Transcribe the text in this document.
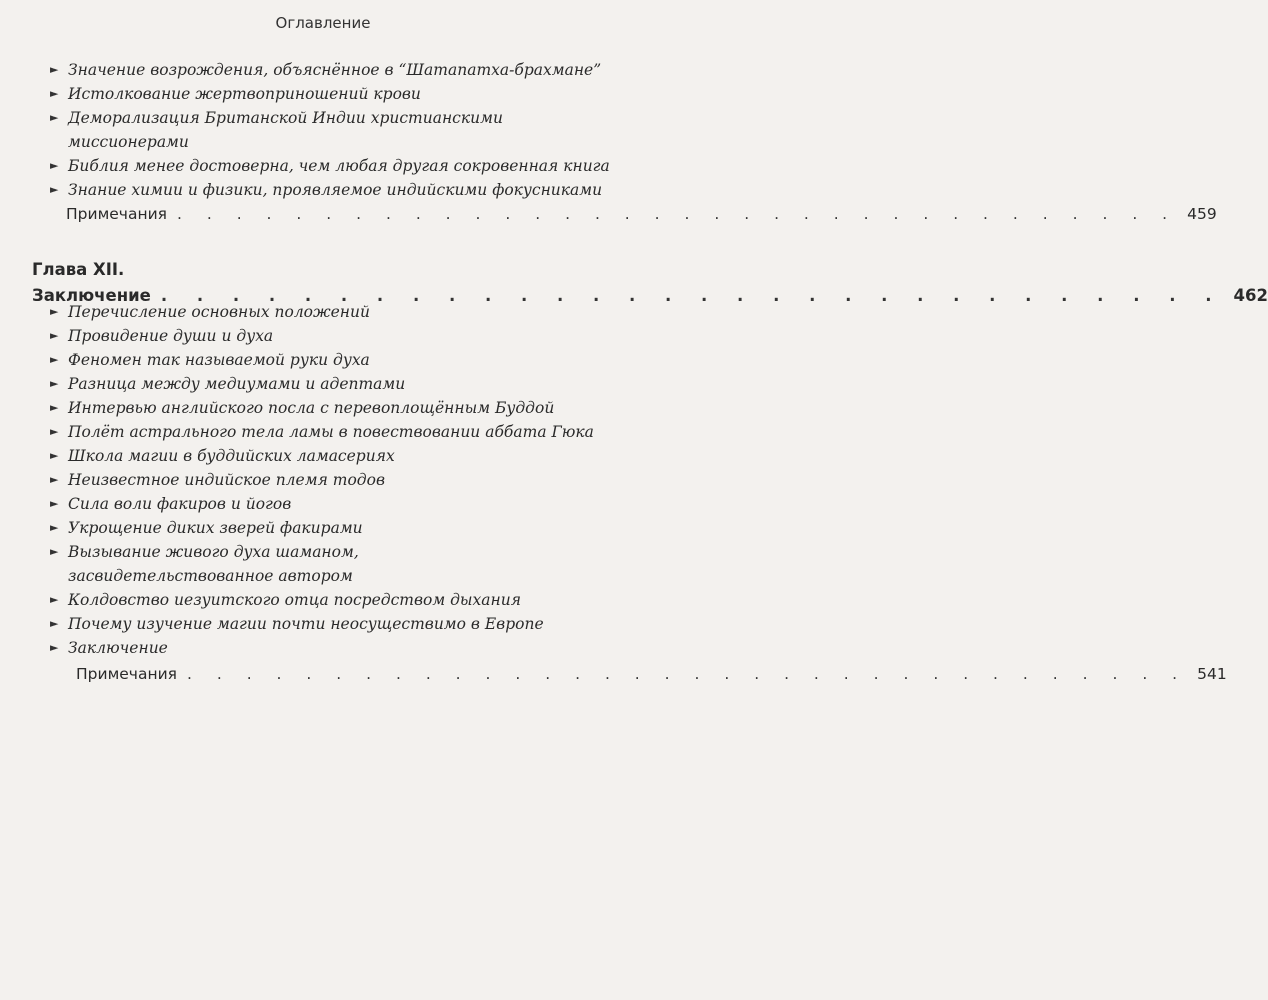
Оглавление
► Значение возрождения, объяснённое в “Шатапатха-брахмане”
► Истолкование жертвоприношений крови
► Деморализация Британской Индии христианскими миссионерами
► Библия менее достоверна, чем любая другая сокровенная книга
► Знание химии и физики, проявляемое индийскими фокусниками
Примечания . . . . . . . . . . . . . . . . . . . . . . . . . . . . . . . . . . 459
Глава XII.
Заключение . . . . . . . . . . . . . . . . . . . . . . . . . . . . . . 462
► Перечисление основных положений
► Провидение души и духа
► Феномен так называемой руки духа
► Разница между медиумами и адептами
► Интервью английского посла с перевоплощённым Буддой
► Полёт астрального тела ламы в повествовании аббата Гюка
► Школа магии в буддийских ламасериях
► Неизвестное индийское племя тодов
► Сила воли факиров и йогов
► Укрощение диких зверей факирами
► Вызывание живого духа шаманом, засвидетельствованное автором
► Колдовство иезуитского отца посредством дыхания
► Почему изучение магии почти неосуществимо в Европе
► Заключение
Примечания . . . . . . . . . . . . . . . . . . . . . . . . . . . . . . . . . . 541
